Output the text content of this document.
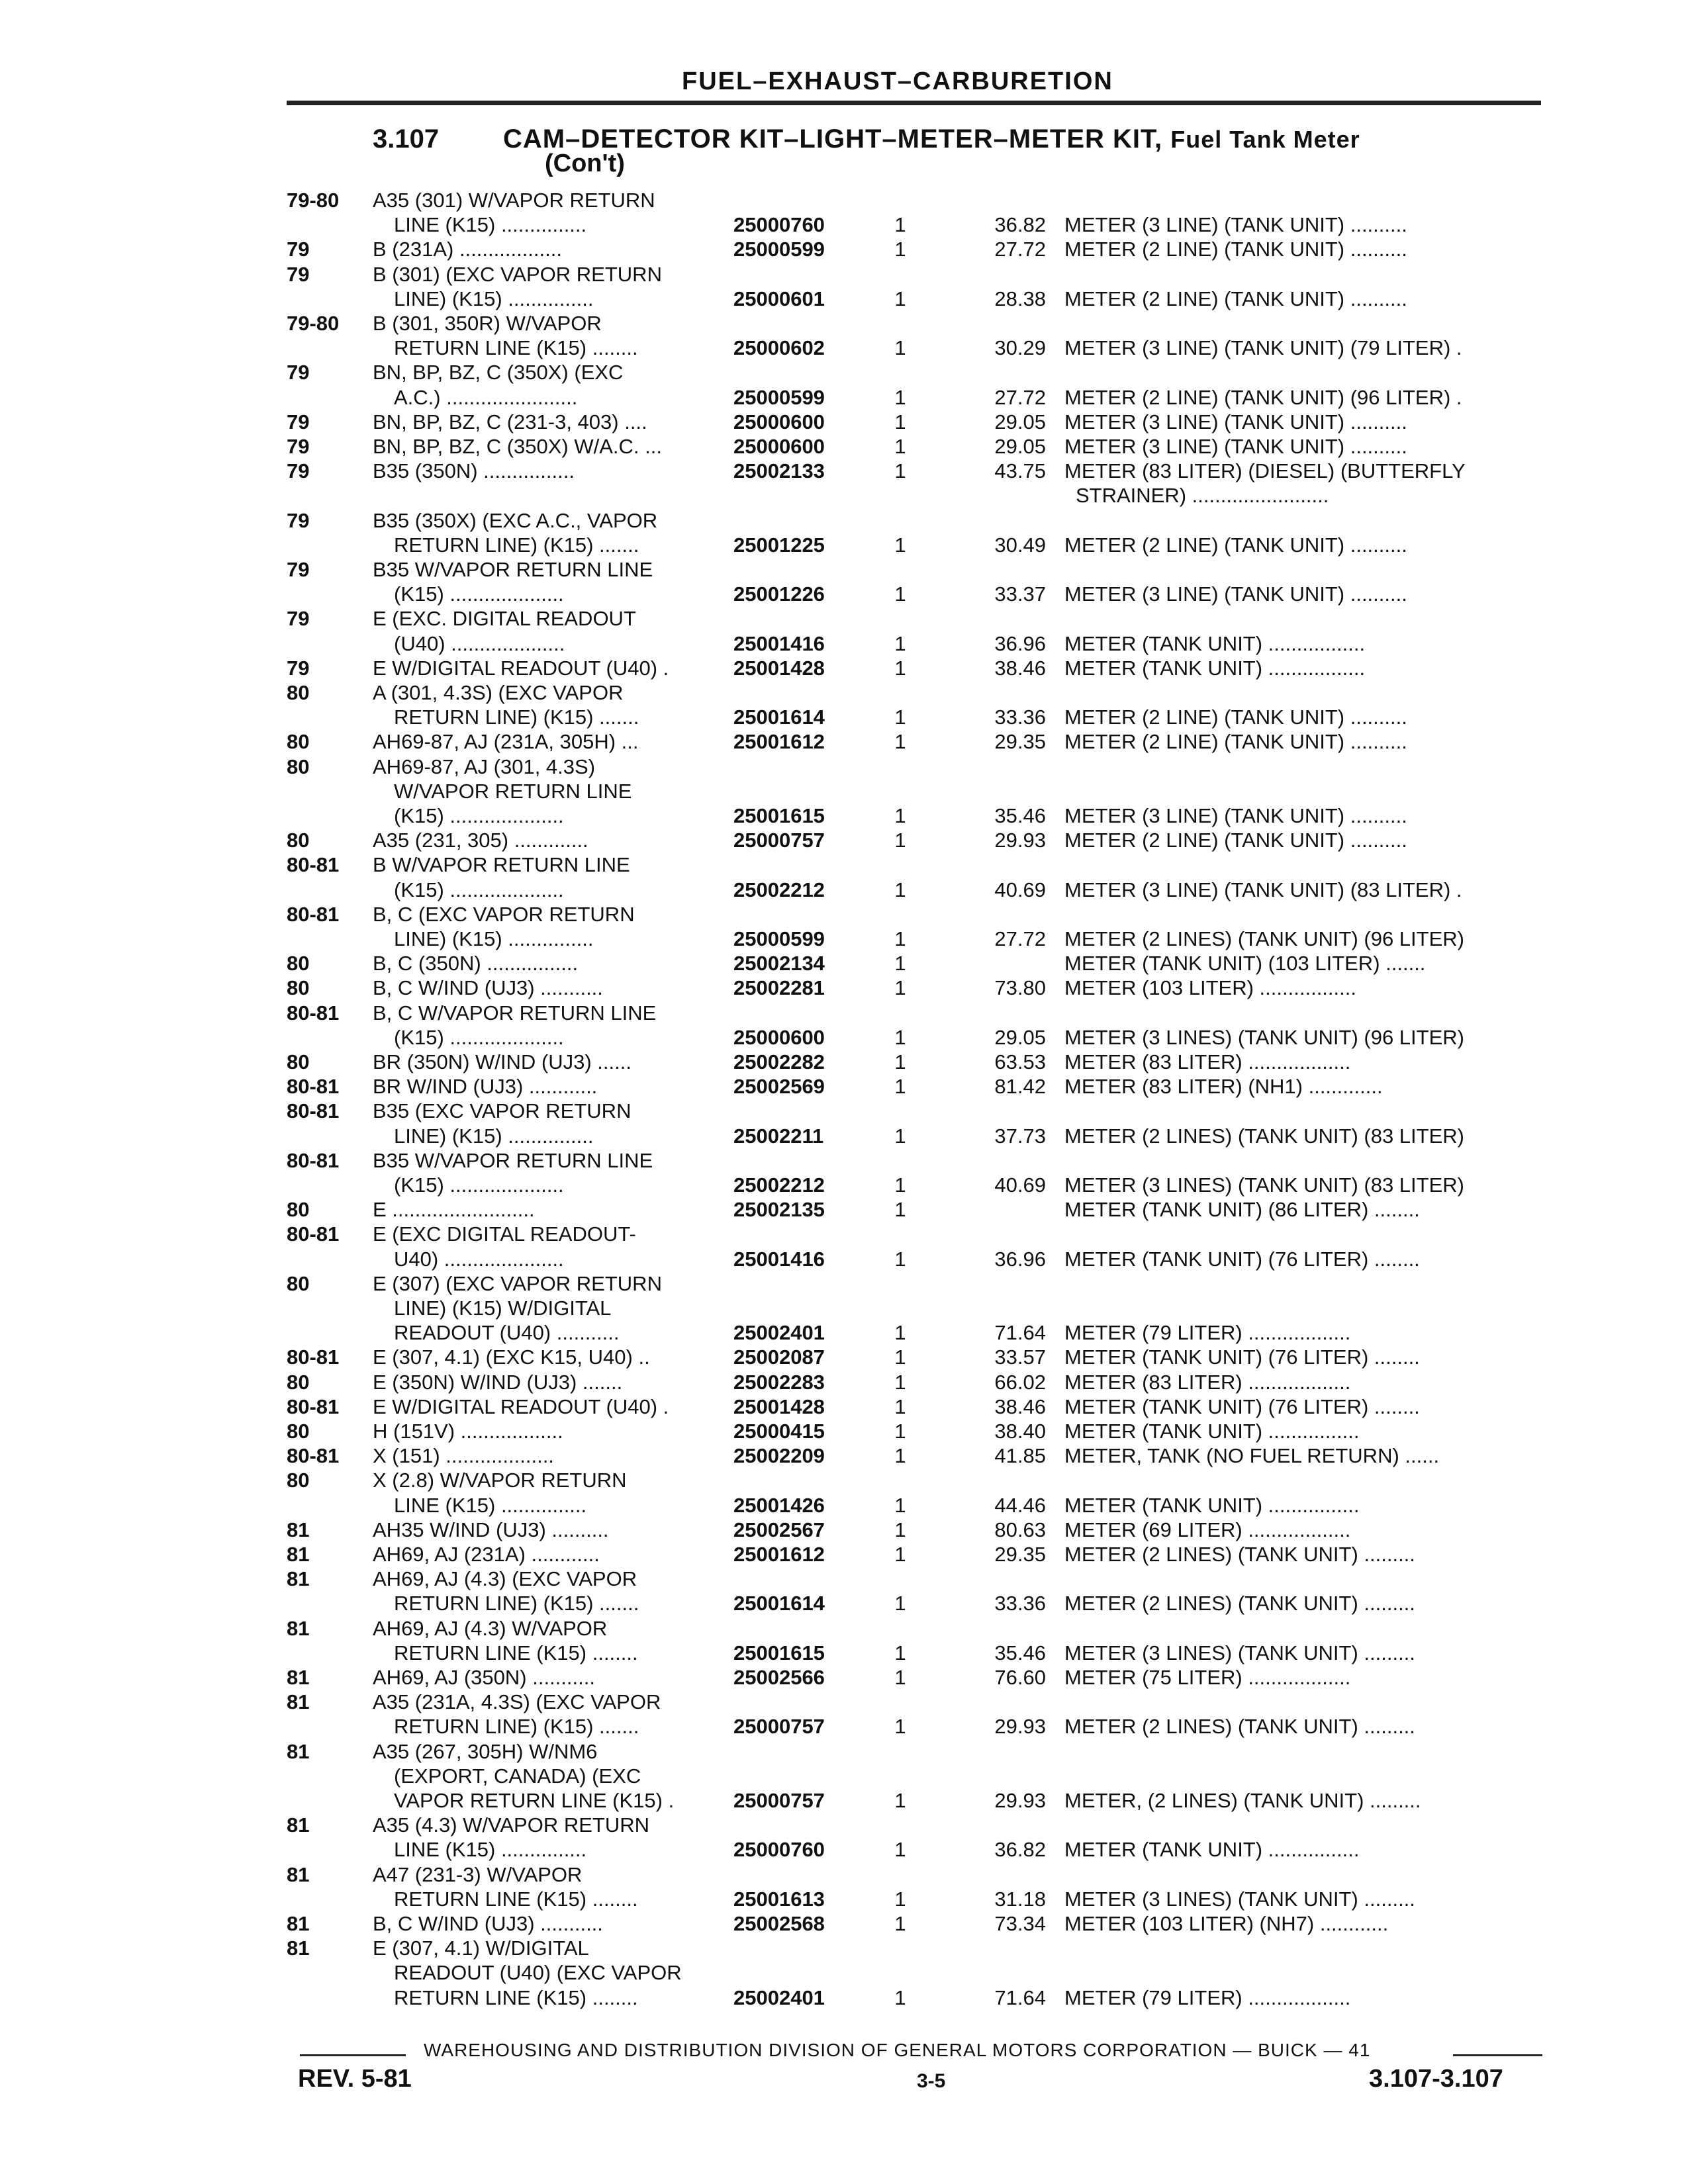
FUEL–EXHAUST–CARBURETION
3.107 CAM–DETECTOR KIT–LIGHT–METER–METER KIT, Fuel Tank Meter
(Con't)
79-80	A35 (301) W/VAPOR RETURN
LINE (K15) ...............	25000760	1	36.82 METER (3 LINE) (TANK UNIT) ..........
79	B (231A) ..................	25000599	1	27.72 METER (2 LINE) (TANK UNIT) ..........
79	B (301) (EXC VAPOR RETURN
LINE) (K15) ...............	25000601	1	28.38 METER (2 LINE) (TANK UNIT) ..........
79-80	B (301, 350R) W/VAPOR
RETURN LINE (K15) ........	25000602	1	30.29 METER (3 LINE) (TANK UNIT) (79 LITER) .
79	BN, BP, BZ, C (350X) (EXC
A.C.) .......................	25000599	1	27.72 METER (2 LINE) (TANK UNIT) (96 LITER) .
79	BN, BP, BZ, C (231-3, 403) ....	25000600	1	29.05 METER (3 LINE) (TANK UNIT) ..........
79	BN, BP, BZ, C (350X) W/A.C. ...	25000600	1	29.05 METER (3 LINE) (TANK UNIT) ..........
79	B35 (350N) ................	25002133	1	43.75 METER (83 LITER) (DIESEL) (BUTTERFLY
STRAINER) ........................
79	B35 (350X) (EXC A.C., VAPOR
RETURN LINE) (K15) .......	25001225	1	30.49 METER (2 LINE) (TANK UNIT) ..........
79	B35 W/VAPOR RETURN LINE
(K15) ....................	25001226	1	33.37 METER (3 LINE) (TANK UNIT) ..........
79	E (EXC. DIGITAL READOUT
(U40) ....................	25001416	1	36.96 METER (TANK UNIT) .................
79	E W/DIGITAL READOUT (U40) .	25001428	1	38.46 METER (TANK UNIT) .................
80	A (301, 4.3S) (EXC VAPOR
RETURN LINE) (K15) .......	25001614	1	33.36 METER (2 LINE) (TANK UNIT) ..........
80	AH69-87, AJ (231A, 305H) ...	25001612	1	29.35 METER (2 LINE) (TANK UNIT) ..........
80	AH69-87, AJ (301, 4.3S)
W/VAPOR RETURN LINE
(K15) ....................	25001615	1	35.46 METER (3 LINE) (TANK UNIT) ..........
80	A35 (231, 305) .............	25000757	1	29.93 METER (2 LINE) (TANK UNIT) ..........
80-81	B W/VAPOR RETURN LINE
(K15) ....................	25002212	1	40.69 METER (3 LINE) (TANK UNIT) (83 LITER) .
80-81	B, C (EXC VAPOR RETURN
LINE) (K15) ...............	25000599	1	27.72 METER (2 LINES) (TANK UNIT) (96 LITER)
80	B, C (350N) ................	25002134	1	METER (TANK UNIT) (103 LITER) .......
80	B, C W/IND (UJ3) ...........	25002281	1	73.80 METER (103 LITER) .................
80-81	B, C W/VAPOR RETURN LINE
(K15) ....................	25000600	1	29.05 METER (3 LINES) (TANK UNIT) (96 LITER)
80	BR (350N) W/IND (UJ3) ......	25002282	1	63.53 METER (83 LITER) ..................
80-81	BR W/IND (UJ3) ............	25002569	1	81.42 METER (83 LITER) (NH1) .............
80-81	B35 (EXC VAPOR RETURN
LINE) (K15) ...............	25002211	1	37.73 METER (2 LINES) (TANK UNIT) (83 LITER)
80-81	B35 W/VAPOR RETURN LINE
(K15) ....................	25002212	1	40.69 METER (3 LINES) (TANK UNIT) (83 LITER)
80	E .........................	25002135	1	METER (TANK UNIT) (86 LITER) ........
80-81	E (EXC DIGITAL READOUT-
U40) .....................	25001416	1	36.96 METER (TANK UNIT) (76 LITER) ........
80	E (307) (EXC VAPOR RETURN
LINE) (K15) W/DIGITAL
READOUT (U40) ...........	25002401	1	71.64 METER (79 LITER) ..................
80-81	E (307, 4.1) (EXC K15, U40) ..	25002087	1	33.57 METER (TANK UNIT) (76 LITER) ........
80	E (350N) W/IND (UJ3) .......	25002283	1	66.02 METER (83 LITER) ..................
80-81	E W/DIGITAL READOUT (U40) .	25001428	1	38.46 METER (TANK UNIT) (76 LITER) ........
80	H (151V) ..................	25000415	1	38.40 METER (TANK UNIT) ................
80-81	X (151) ...................	25002209	1	41.85 METER, TANK (NO FUEL RETURN) ......
80	X (2.8) W/VAPOR RETURN
LINE (K15) ...............	25001426	1	44.46 METER (TANK UNIT) ................
81	AH35 W/IND (UJ3) ..........	25002567	1	80.63 METER (69 LITER) ..................
81	AH69, AJ (231A) ............	25001612	1	29.35 METER (2 LINES) (TANK UNIT) .........
81	AH69, AJ (4.3) (EXC VAPOR
RETURN LINE) (K15) .......	25001614	1	33.36 METER (2 LINES) (TANK UNIT) .........
81	AH69, AJ (4.3) W/VAPOR
RETURN LINE (K15) ........	25001615	1	35.46 METER (3 LINES) (TANK UNIT) .........
81	AH69, AJ (350N) ...........	25002566	1	76.60 METER (75 LITER) ..................
81	A35 (231A, 4.3S) (EXC VAPOR
RETURN LINE) (K15) .......	25000757	1	29.93 METER (2 LINES) (TANK UNIT) .........
81	A35 (267, 305H) W/NM6
(EXPORT, CANADA) (EXC
VAPOR RETURN LINE (K15) .	25000757	1	29.93 METER, (2 LINES) (TANK UNIT) .........
81	A35 (4.3) W/VAPOR RETURN
LINE (K15) ...............	25000760	1	36.82 METER (TANK UNIT) ................
81	A47 (231-3) W/VAPOR
RETURN LINE (K15) ........	25001613	1	31.18 METER (3 LINES) (TANK UNIT) .........
81	B, C W/IND (UJ3) ...........	25002568	1	73.34 METER (103 LITER) (NH7) ............
81	E (307, 4.1) W/DIGITAL
READOUT (U40) (EXC VAPOR
RETURN LINE (K15) ........	25002401	1	71.64 METER (79 LITER) ..................
WAREHOUSING AND DISTRIBUTION DIVISION OF GENERAL MOTORS CORPORATION — BUICK — 41
REV. 5-81	3-5	3.107-3.107
